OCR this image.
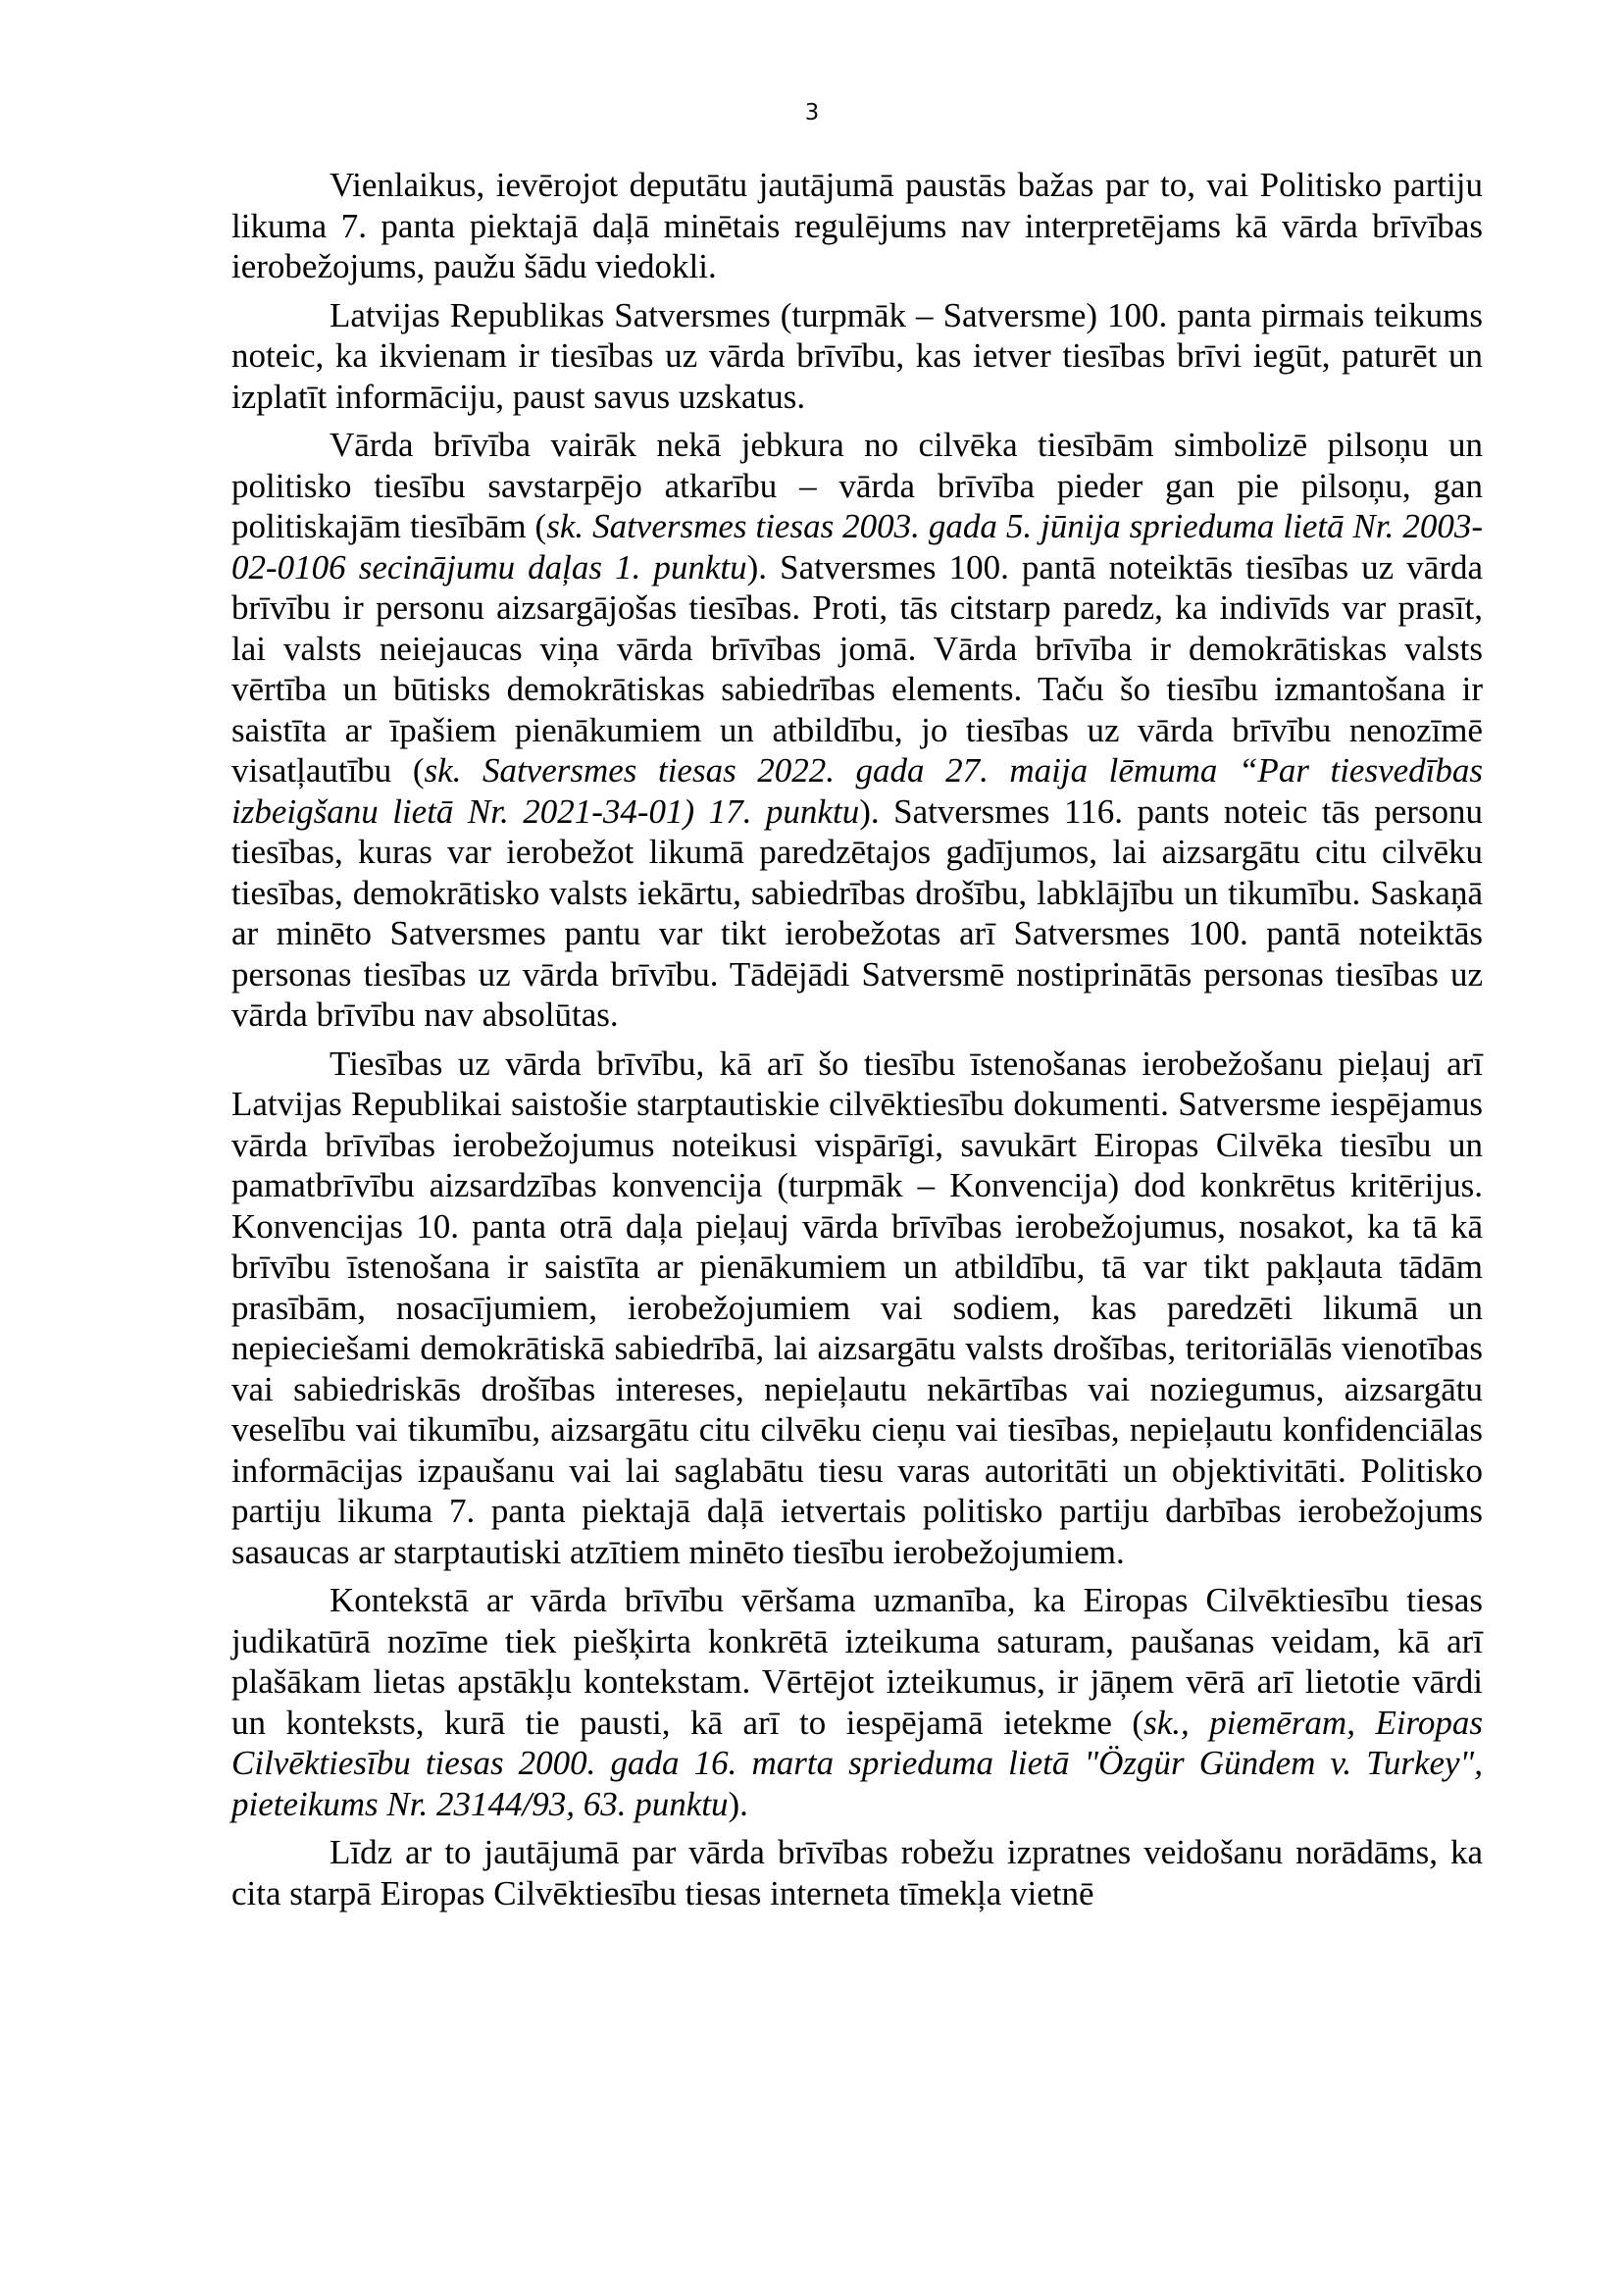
3

Vienlaikus, ievērojot deputātu jautājumā paustās bažas par to, vai Politisko partiju likuma 7. panta piektajā daļā minētais regulējums nav interpretējams kā vārda brīvības ierobežojums, paužu šādu viedokli.

Latvijas Republikas Satversmes (turpmāk – Satversme) 100. panta pirmais teikums noteic, ka ikvienam ir tiesības uz vārda brīvību, kas ietver tiesības brīvi iegūt, paturēt un izplatīt informāciju, paust savus uzskatus.

Vārda brīvība vairāk nekā jebkura no cilvēka tiesībām simbolizē pilsoņu un politisko tiesību savstarpējo atkarību – vārda brīvība pieder gan pie pilsoņu, gan politiskajām tiesībām (sk. Satversmes tiesas 2003. gada 5. jūnija sprieduma lietā Nr. 2003-02-0106 secinājumu daļas 1. punktu). Satversmes 100. pantā noteiktās tiesības uz vārda brīvību ir personu aizsargājošas tiesības. Proti, tās citstarp paredz, ka indivīds var prasīt, lai valsts neiejaucas viņa vārda brīvības jomā. Vārda brīvība ir demokrātiskas valsts vērtība un būtisks demokrātiskas sabiedrības elements. Taču šo tiesību izmantošana ir saistīta ar īpašiem pienākumiem un atbildību, jo tiesības uz vārda brīvību nenozīmē visatļautību (sk. Satversmes tiesas 2022. gada 27. maija lēmuma “Par tiesvedības izbeigšanu lietā Nr. 2021-34-01) 17. punktu). Satversmes 116. pants noteic tās personu tiesības, kuras var ierobežot likumā paredzētajos gadījumos, lai aizsargātu citu cilvēku tiesības, demokrātisko valsts iekārtu, sabiedrības drošību, labklājību un tikumību. Saskaņā ar minēto Satversmes pantu var tikt ierobežotas arī Satversmes 100. pantā noteiktās personas tiesības uz vārda brīvību. Tādējādi Satversmē nostiprinātās personas tiesības uz vārda brīvību nav absolūtas.

Tiesības uz vārda brīvību, kā arī šo tiesību īstenošanas ierobežošanu pieļauj arī Latvijas Republikai saistošie starptautiskie cilvēktiesību dokumenti. Satversme iespējamus vārda brīvības ierobežojumus noteikusi vispārīgi, savukārt Eiropas Cilvēka tiesību un pamatbrīvību aizsardzības konvencija (turpmāk – Konvencija) dod konkrētus kritērijus. Konvencijas 10. panta otrā daļa pieļauj vārda brīvības ierobežojumus, nosakot, ka tā kā brīvību īstenošana ir saistīta ar pienākumiem un atbildību, tā var tikt pakļauta tādām prasībām, nosacījumiem, ierobežojumiem vai sodiem, kas paredzēti likumā un nepieciešami demokrātiskā sabiedrībā, lai aizsargātu valsts drošības, teritoriālās vienotības vai sabiedriskās drošības intereses, nepieļautu nekārtības vai noziegumus, aizsargātu veselību vai tikumību, aizsargātu citu cilvēku cieņu vai tiesības, nepieļautu konfidenciālas informācijas izpaušanu vai lai saglabātu tiesu varas autoritāti un objektivitāti. Politisko partiju likuma 7. panta piektajā daļā ietvertais politisko partiju darbības ierobežojums sasaucas ar starptautiski atzītiem minēto tiesību ierobežojumiem.

Kontekstā ar vārda brīvību vēršama uzmanība, ka Eiropas Cilvēktiesību tiesas judikatūrā nozīme tiek piešķirta konkrētā izteikuma saturam, paušanas veidam, kā arī plašākam lietas apstākļu kontekstam. Vērtējot izteikumus, ir jāņem vērā arī lietotie vārdi un konteksts, kurā tie pausti, kā arī to iespējamā ietekme (sk., piemēram, Eiropas Cilvēktiesību tiesas 2000. gada 16. marta sprieduma lietā "Özgür Gündem v. Turkey", pieteikums Nr. 23144/93, 63. punktu).

Līdz ar to jautājumā par vārda brīvības robežu izpratnes veidošanu norādāms, ka cita starpā Eiropas Cilvēktiesību tiesas interneta tīmekļa vietnē
